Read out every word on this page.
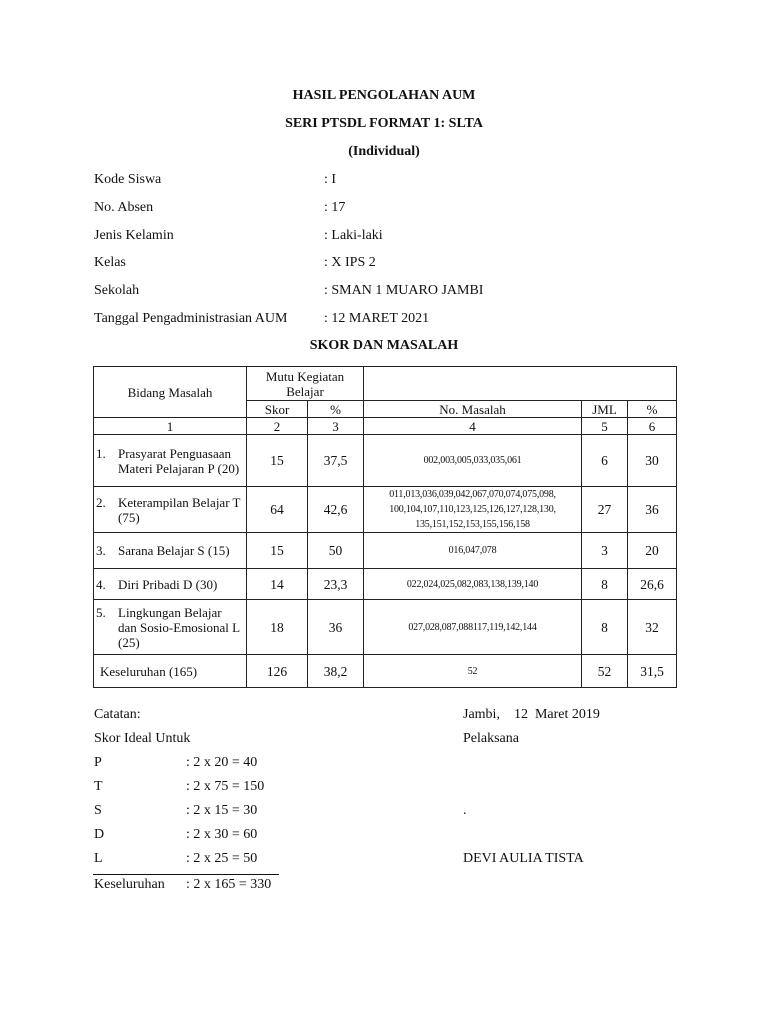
HASIL PENGOLAHAN AUM
SERI PTSDL FORMAT 1: SLTA
(Individual)
Kode Siswa	: I
No. Absen	: 17
Jenis Kelamin	: Laki-laki
Kelas	: X IPS 2
Sekolah	: SMAN 1 MUARO JAMBI
Tanggal Pengadministrasian AUM	: 12 MARET 2021
SKOR DAN MASALAH
Bidang Masalah	Mutu Kegiatan Belajar				
	Skor	%	No. Masalah	JML	%
1	2	3	4	5	6

1. Prasyarat Penguasaan Materi Pelajaran P (20)	15	37,5	002,003,005,033,035,061	6	30

2. Keterampilan Belajar T (75)	64	42,6	011,013,036,039,042,067,070,074,075,098, 100,104,107,110,123,125,126,127,128,130, 135,151,152,153,155,156,158	27	36

3. Sarana Belajar S (15)	15	50	016,047,078	3	20

4. Diri Pribadi D (30)	14	23,3	022,024,025,082,083,138,139,140	8	26,6

5. Lingkungan Belajar dan Sosio-Emosional L (25)	18	36	027,028,087,088117,119,142,144	8	32
Keseluruhan (165)	126	38,2	52	52	31,5
Catatan:
Skor Ideal Untuk
P	: 2 x 20 = 40
T	: 2 x 75 = 150
S	: 2 x 15 = 30
D	: 2 x 30 = 60
L	: 2 x 25 = 50
Keseluruhan	: 2 x 165 = 330
Jambi,    12  Maret 2019
Pelaksana
.
DEVI AULIA TISTA
